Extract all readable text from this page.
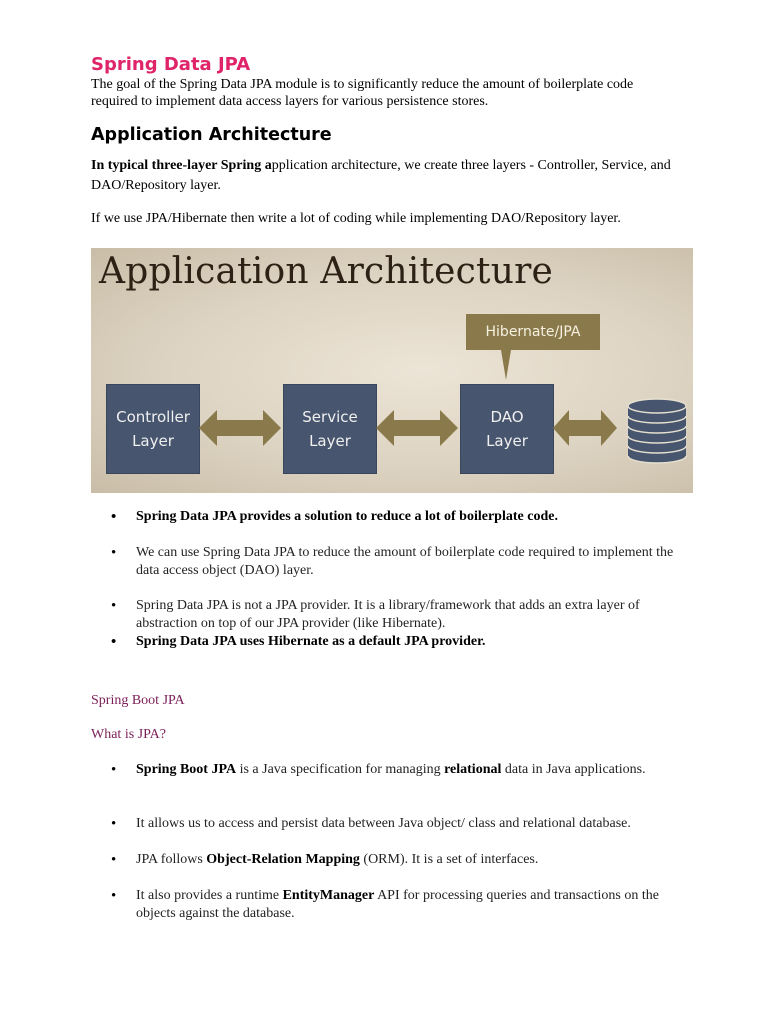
Spring Data JPA

The goal of the Spring Data JPA module is to significantly reduce the amount of boilerplate code required to implement data access layers for various persistence stores.

Application Architecture

In typical three-layer Spring application architecture, we create three layers - Controller, Service, and DAO/Repository layer.

If we use JPA/Hibernate then write a lot of coding while implementing DAO/Repository layer.

Application Architecture
Hibernate/JPA
Controller
Layer
Service
Layer
DAO
Layer
• Spring Data JPA provides a solution to reduce a lot of boilerplate code.
• We can use Spring Data JPA to reduce the amount of boilerplate code required to implement the data access object (DAO) layer.
• Spring Data JPA is not a JPA provider. It is a library/framework that adds an extra layer of abstraction on top of our JPA provider (like Hibernate).
• Spring Data JPA uses Hibernate as a default JPA provider.
Spring Boot JPA
What is JPA?
• Spring Boot JPA is a Java specification for managing relational data in Java applications.
• It allows us to access and persist data between Java object/ class and relational database.
• JPA follows Object-Relation Mapping (ORM). It is a set of interfaces.
• It also provides a runtime EntityManager API for processing queries and transactions on the objects against the database.
